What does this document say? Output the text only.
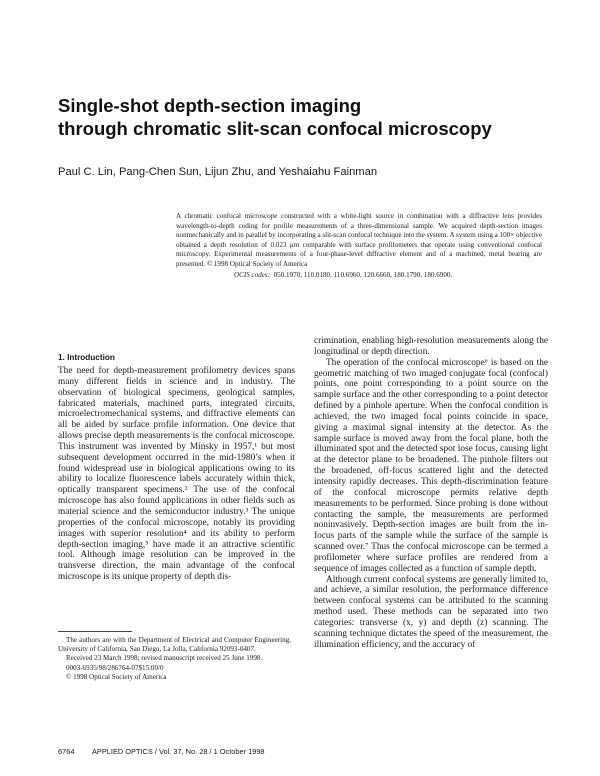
Single-shot depth-section imaging
through chromatic slit-scan confocal microscopy
Paul C. Lin, Pang-Chen Sun, Lijun Zhu, and Yeshaiahu Fainman
A chromatic confocal microscope constructed with a white-light source in combination with a diffractive lens provides wavelength-to-depth coding for profile measurements of a three-dimensional sample. We acquired depth-section images nonmechanically and in parallel by incorporating a slit-scan confocal technique into the system. A system using a 100× objective obtained a depth resolution of 0.023 μm comparable with surface profilometers that operate using conventional confocal microscopy. Experimental measurements of a four-phase-level diffractive element and of a machined, metal bearing are presented. © 1998 Optical Society of America
OCIS codes: 050.1970, 110.0180, 110.6960, 120.6660, 180.1790, 180.6900.
1. Introduction

The need for depth-measurement profilometry devices spans many different fields in science and in industry. The observation of biological specimens, geological samples, fabricated materials, machined parts, integrated circuits, microelectromechanical systems, and diffractive elements can all be aided by surface profile information. One device that allows precise depth measurements is the confocal microscope. This instrument was invented by Minsky in 1957,¹ but most subsequent development occurred in the mid-1980’s when it found widespread use in biological applications owing to its ability to localize fluorescence labels accurately within thick, optically transparent specimens.² The use of the confocal microscope has also found applications in other fields such as material science and the semiconductor industry.³ The unique properties of the confocal microscope, notably its providing images with superior resolution⁴ and its ability to perform depth-section imaging,⁵ have made it an attractive scientific tool. Although image resolution can be improved in the transverse direction, the main advantage of the confocal microscope is its unique property of depth dis-

crimination, enabling high-resolution measurements along the longitudinal or depth direction.

The operation of the confocal microscope⁶ is based on the geometric matching of two imaged conjugate focal (confocal) points, one point corresponding to a point source on the sample surface and the other corresponding to a point detector defined by a pinhole aperture. When the confocal condition is achieved, the two imaged focal points coincide in space, giving a maximal signal intensity at the detector. As the sample surface is moved away from the focal plane, both the illuminated spot and the detected spot lose focus, causing light at the detector plane to be broadened. The pinhole filters out the broadened, off-focus scattered light and the detected intensity rapidly decreases. This depth-discrimination feature of the confocal microscope permits relative depth measurements to be performed. Since probing is done without contacting the sample, the measurements are performed noninvasively. Depth-section images are built from the in-focus parts of the sample while the surface of the sample is scanned over.⁷ Thus the confocal microscope can be termed a profilometer where surface profiles are rendered from a sequence of images collected as a function of sample depth.

Although current confocal systems are generally limited to, and achieve, a similar resolution, the performance difference between confocal systems can be attributed to the scanning method used. These methods can be separated into two categories: transverse (x, y) and depth (z) scanning. The scanning technique dictates the speed of the measurement, the illumination efficiency, and the accuracy of

The authors are with the Department of Electrical and Computer Engineering, University of California, San Diego, La Jolla, California 92093-0407.

Received 23 March 1998; revised manuscript received 25 June 1998.

0003-6935/98/286764-07$15.00/0

© 1998 Optical Society of America

6764 APPLIED OPTICS / Vol. 37, No. 28 / 1 October 1998
